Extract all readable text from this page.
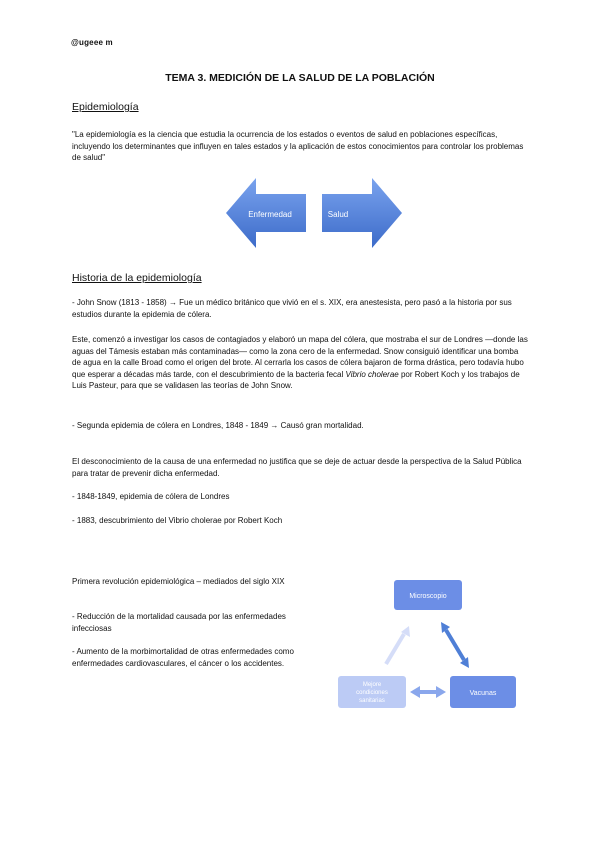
@ugeee m
TEMA 3. MEDICIÓN DE LA SALUD DE LA POBLACIÓN
Epidemiología
"La epidemiología es la ciencia que estudia la ocurrencia de los estados o eventos de salud en poblaciones específicas, incluyendo los determinantes que influyen en tales estados y la aplicación de estos conocimientos para controlar los problemas de salud"
Enfermedad	Salud
Historia de la epidemiología
- John Snow (1813 - 1858) → Fue un médico británico que vivió en el s. XIX, era anestesista, pero pasó a la historia por sus estudios durante la epidemia de cólera.
Este, comenzó a investigar los casos de contagiados y elaboró un mapa del cólera, que mostraba el sur de Londres —donde las aguas del Támesis estaban más contaminadas— como la zona cero de la enfermedad. Snow consiguió identificar una bomba de agua en la calle Broad como el origen del brote. Al cerrarla los casos de cólera bajaron de forma drástica, pero todavía hubo que esperar a décadas más tarde, con el descubrimiento de la bacteria fecal Vibrio cholerae por Robert Koch y los trabajos de Luis Pasteur, para que se validasen las teorías de John Snow.
- Segunda epidemia de cólera en Londres, 1848 - 1849 → Causó gran mortalidad.
El desconocimiento de la causa de una enfermedad no justifica que se deje de actuar desde la perspectiva de la Salud Pública para tratar de prevenir dicha enfermedad.
- 1848-1849, epidemia de cólera de Londres
- 1883, descubrimiento del Vibrio cholerae por Robert Koch
Primera revolución epidemiológica – mediados del siglo XIX
- Reducción de la mortalidad causada por las enfermedades infecciosas
- Aumento de la morbimortalidad de otras enfermedades como enfermedades cardiovasculares, el cáncer o los accidentes.
Microscopio
Vacunas
Mejore
condiciones
sanitarias
